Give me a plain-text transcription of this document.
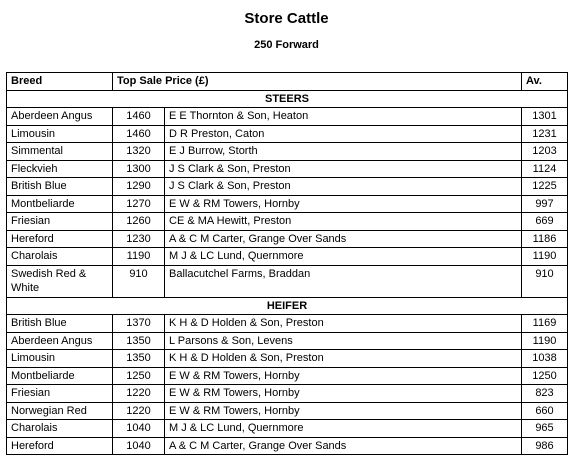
Store Cattle
250 Forward
Breed	Top Sale Price (£)		Av.
STEERS			
Aberdeen Angus	1460	E E Thornton & Son, Heaton	1301
Limousin	1460	D R Preston, Caton	1231
Simmental	1320	E J Burrow, Storth	1203
Fleckvieh	1300	J S Clark & Son, Preston	1124
British Blue	1290	J S Clark & Son, Preston	1225
Montbeliarde	1270	E W & RM Towers, Hornby	997
Friesian	1260	CE & MA Hewitt, Preston	669
Hereford	1230	A & C M Carter, Grange Over Sands	1186
Charolais	1190	M J & LC Lund, Quernmore	1190
Swedish Red & White	910	Ballacutchel Farms, Braddan	910
HEIFER			
British Blue	1370	K H & D Holden & Son, Preston	1169
Aberdeen Angus	1350	L Parsons & Son, Levens	1190
Limousin	1350	K H & D Holden & Son, Preston	1038
Montbeliarde	1250	E W & RM Towers, Hornby	1250
Friesian	1220	E W & RM Towers, Hornby	823
Norwegian Red	1220	E W & RM Towers, Hornby	660
Charolais	1040	M J & LC Lund, Quernmore	965
Hereford	1040	A & C M Carter, Grange Over Sands	986
